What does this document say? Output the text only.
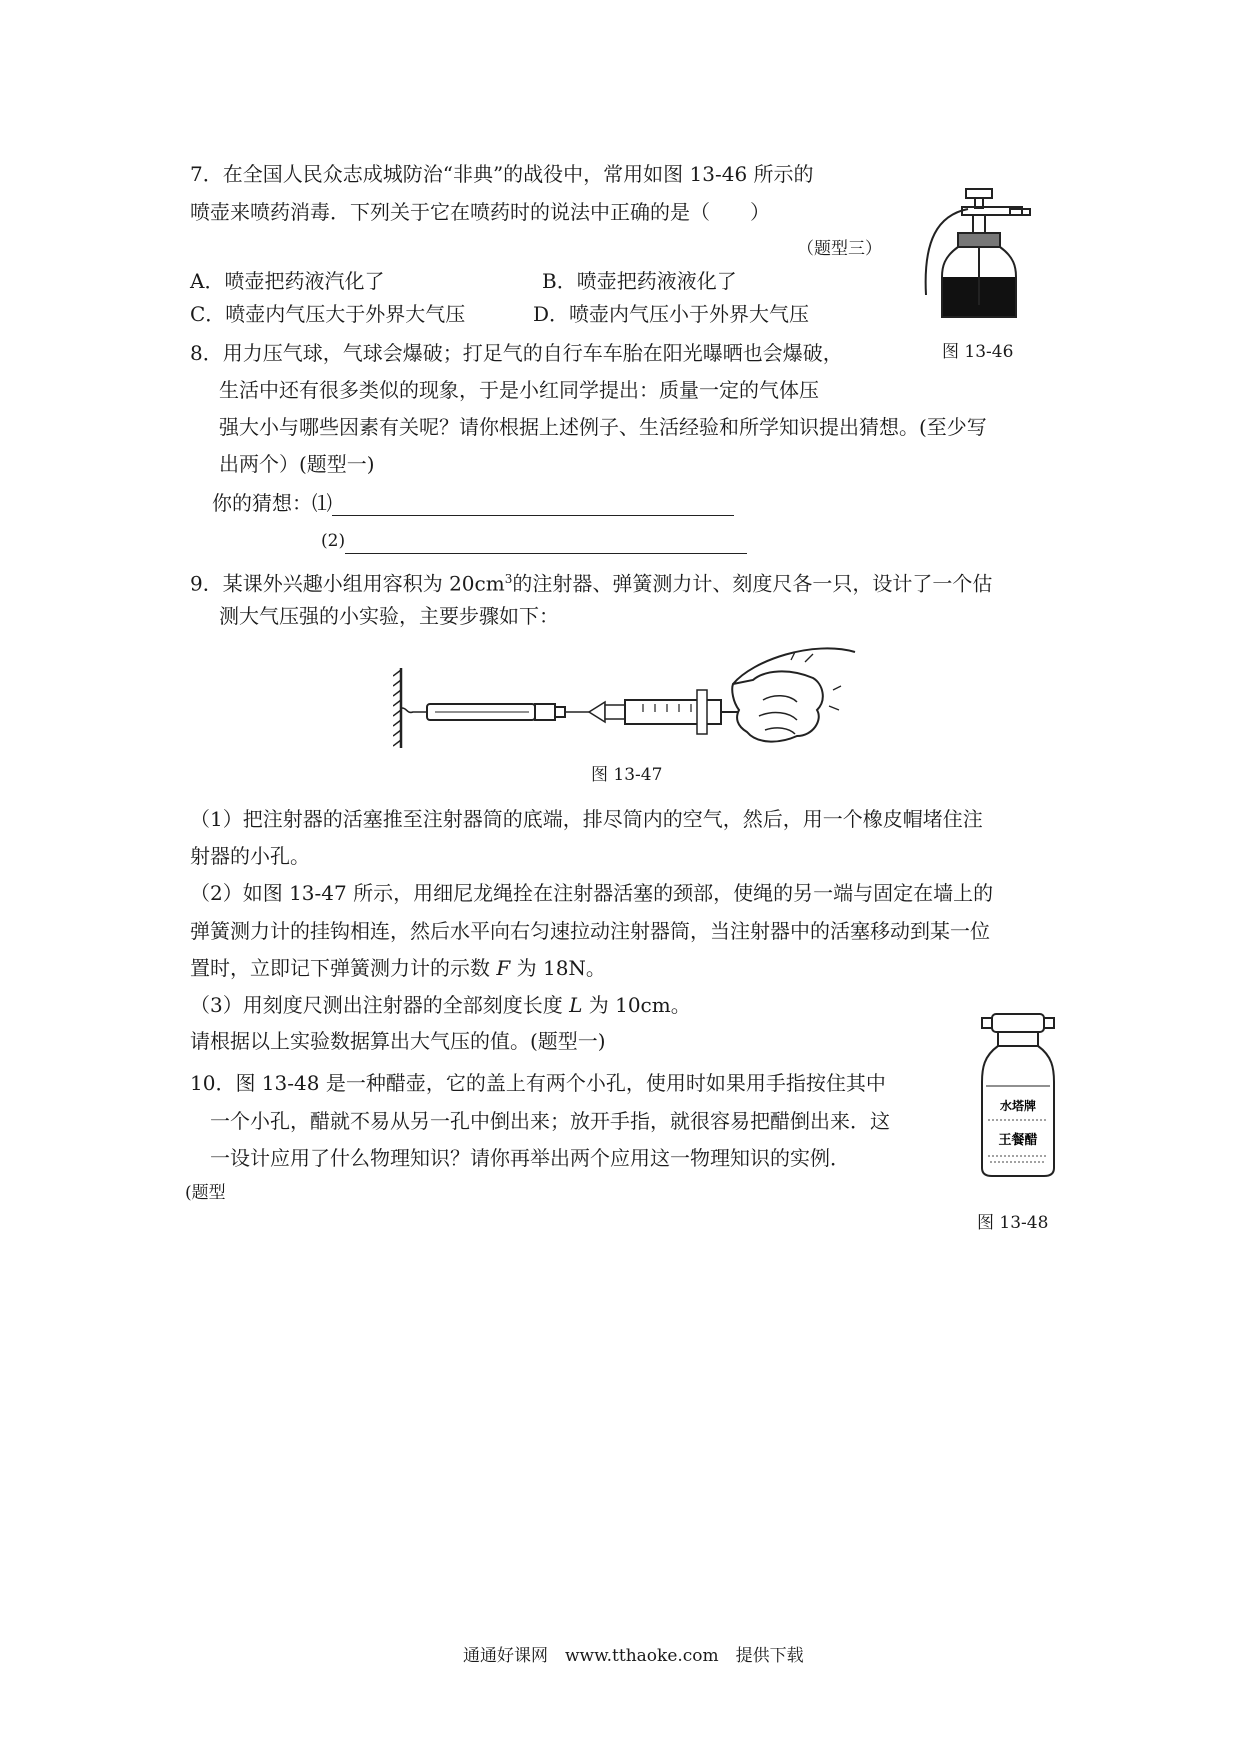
7．在全国人民众志成城防治“非典”的战役中，常用如图 13-46 所示的
喷壶来喷药消毒．下列关于它在喷药时的说法中正确的是（　　）
（题型三）
A．喷壶把药液汽化了	B．喷壶把药液液化了
C．喷壶内气压大于外界大气压	D．喷壶内气压小于外界大气压
图 13-46
8．用力压气球，气球会爆破；打足气的自行车车胎在阳光曝晒也会爆破，
生活中还有很多类似的现象，于是小红同学提出：质量一定的气体压
强大小与哪些因素有关呢？请你根据上述例子、生活经验和所学知识提出猜想。(至少写
出两个）(题型一)
你的猜想：⑴
(2)
9．某课外兴趣小组用容积为 $20cm^3$的注射器、弹簧测力计、刻度尺各一只，设计了一个估
测大气压强的小实验，主要步骤如下：
图 13-47
（1）把注射器的活塞推至注射器筒的底端，排尽筒内的空气，然后，用一个橡皮帽堵住注
射器的小孔。
（2）如图 13-47 所示，用细尼龙绳拴在注射器活塞的颈部，使绳的另一端与固定在墙上的
弹簧测力计的挂钩相连，然后水平向右匀速拉动注射器筒，当注射器中的活塞移动到某一位
置时，立即记下弹簧测力计的示数 F 为 18N。
（3）用刻度尺测出注射器的全部刻度长度 L 为 10cm。
请根据以上实验数据算出大气压的值。(题型一)
10．图 13-48 是一种醋壶，它的盖上有两个小孔，使用时如果用手指按住其中
一个小孔，醋就不易从另一孔中倒出来；放开手指，就很容易把醋倒出来．这
一设计应用了什么物理知识？请你再举出两个应用这一物理知识的实例．
(题型
水塔牌
王餐醋
图 13-48
通通好课网　www.tthaoke.com　提供下载
